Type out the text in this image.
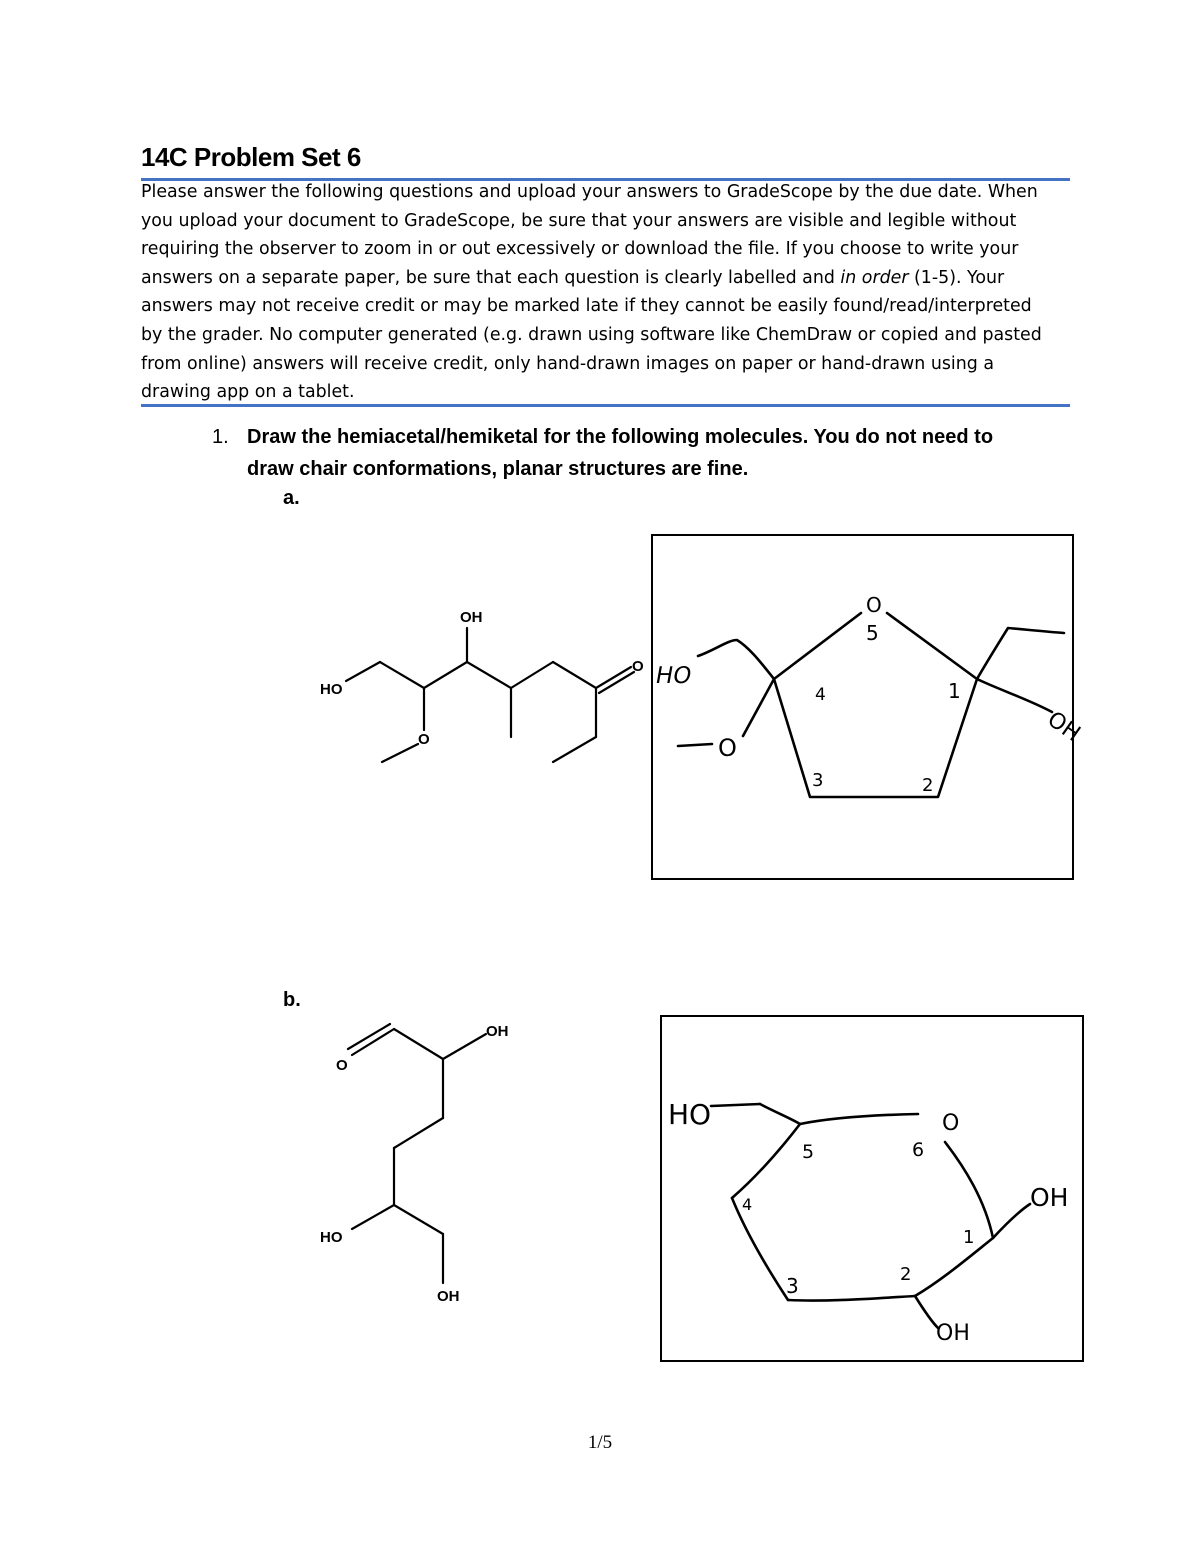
14C Problem Set 6
Please answer the following questions and upload your answers to GradeScope by the due date. When
you upload your document to GradeScope, be sure that your answers are visible and legible without
requiring the observer to zoom in or out excessively or download the file. If you choose to write your
answers on a separate paper, be sure that each question is clearly labelled and in order (1-5). Your
answers may not receive credit or may be marked late if they cannot be easily found/read/interpreted
by the grader. No computer generated (e.g. drawn using software like ChemDraw or copied and pasted
from online) answers will receive credit, only hand-drawn images on paper or hand-drawn using a
drawing app on a tablet.
1. Draw the hemiacetal/hemiketal for the following molecules. You do not need to
draw chair conformations, planar structures are fine.
a.
b.
OH
HO
O
O HO
O
O
5
4	1
3	2
OH
O
OH
HO
OH
HO	O
5	6
4
1
3	2
OH
OH
1/5
